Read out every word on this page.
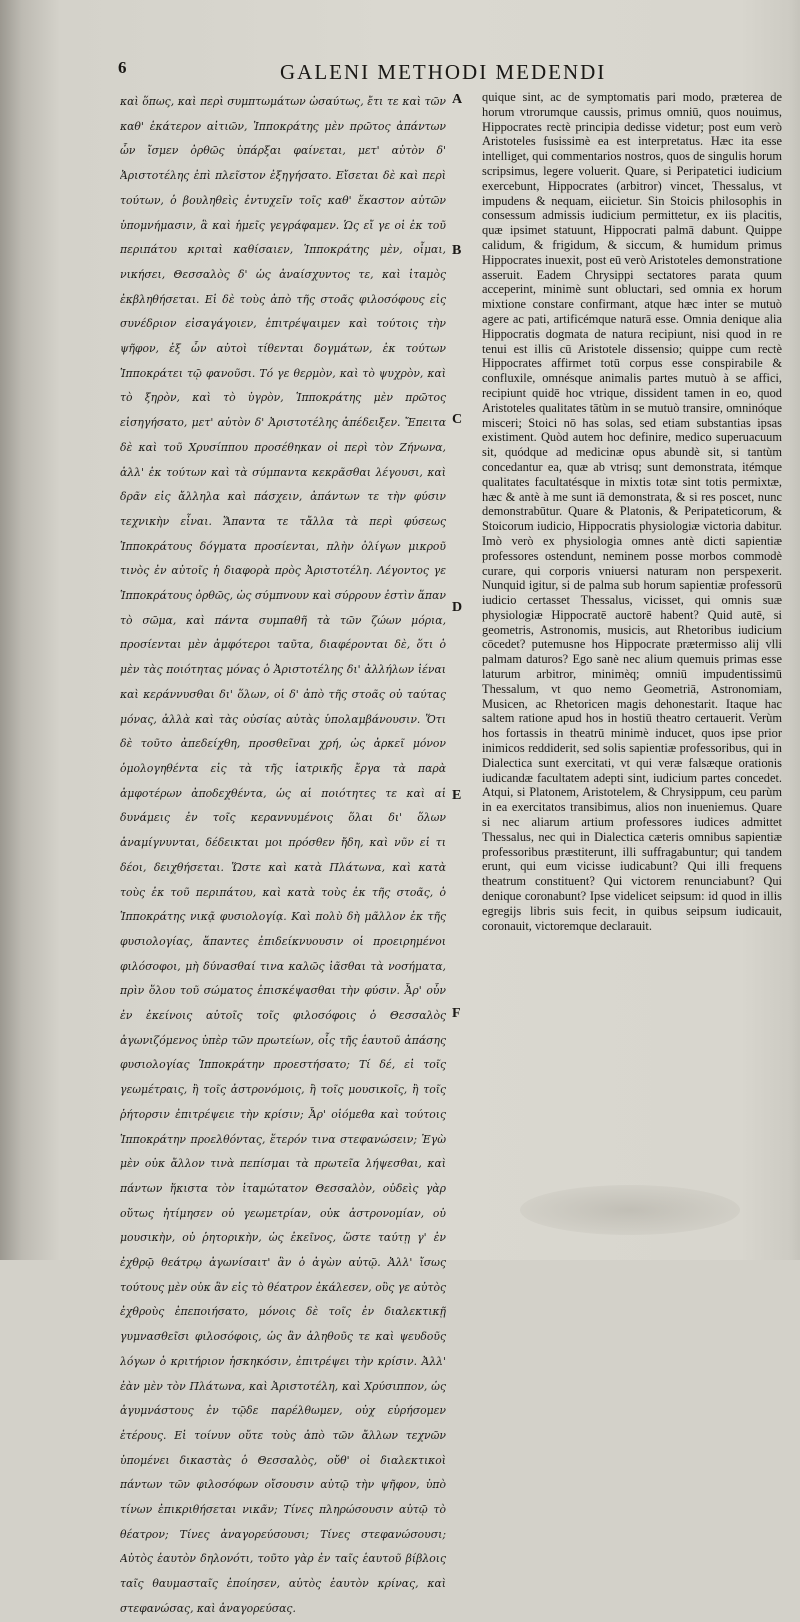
6	GALENI METHODI MEDENDI

καὶ ὅπως, καὶ περὶ συμπτωμάτων ὡσαύτως, ἔτι τε καὶ τῶν καθ' ἑκάτερον αἰτιῶν, Ἱπποκράτης μὲν πρῶτος ἁπάντων ὧν ἴσμεν ὀρθῶς ὑπάρξαι φαίνεται, μετ' αὐτὸν δ' Ἀριστοτέλης ἐπὶ πλεῖστον ἐξηγήσατο. Εἴσεται δὲ καὶ περὶ τούτων, ὁ βουληθεὶς ἐντυχεῖν τοῖς καθ' ἕκαστον αὐτῶν ὑπομνήμασιν, ἃ καὶ ἡμεῖς γεγράφαμεν. Ὡς εἴ γε οἱ ἐκ τοῦ περιπάτου κριταὶ καθίσαιεν, Ἱπποκράτης μὲν, οἶμαι, νικήσει, Θεσσαλὸς δ' ὡς ἀναίσχυντος τε, καὶ ἰταμὸς ἐκβληθήσεται. Εἰ δὲ τοὺς ἀπὸ τῆς στοᾶς φιλοσόφους εἰς συνέδριον εἰσαγάγοιεν, ἐπιτρέψαιμεν καὶ τούτοις τὴν ψῆφον, ἐξ ὧν αὐτοὶ τίθενται δογμάτων, ἐκ τούτων Ἱπποκράτει τῷ φανοῦσι. Τό γε θερμὸν, καὶ τὸ ψυχρὸν, καὶ τὸ ξηρὸν, καὶ τὸ ὑγρὸν, Ἱπποκράτης μὲν πρῶτος εἰσηγήσατο, μετ' αὐτὸν δ' Ἀριστοτέλης ἀπέδειξεν. Ἔπειτα δὲ καὶ τοῦ Χρυσίππου προσέθηκαν οἱ περὶ τὸν Ζήνωνα, ἀλλ' ἐκ τούτων καὶ τὰ σύμπαντα κεκρᾶσθαι λέγουσι, καὶ δρᾶν εἰς ἄλληλα καὶ πάσχειν, ἀπάντων τε τὴν φύσιν τεχνικὴν εἶναι. Ἅπαντα τε τἄλλα τὰ περὶ φύσεως Ἱπποκράτους δόγματα προσίενται, πλὴν ὀλίγων μικροῦ τινὸς ἐν αὐτοῖς ἡ διαφορὰ πρὸς Ἀριστοτέλη. Λέγοντος γε Ἱπποκράτους ὀρθῶς, ὡς σύμπνουν καὶ σύρρουν ἐστὶν ἅπαν τὸ σῶμα, καὶ πάντα συμπαθῆ τὰ τῶν ζώων μόρια, προσίενται μὲν ἀμφότεροι ταῦτα, διαφέρονται δὲ, ὅτι ὁ μὲν τὰς ποιότητας μόνας ὁ Ἀριστοτέλης δι' ἀλλήλων ἰέναι καὶ κεράννυσθαι δι' ὅλων, οἱ δ' ἀπὸ τῆς στοᾶς οὐ ταύτας μόνας, ἀλλὰ καὶ τὰς οὐσίας αὐτὰς ὑπολαμβάνουσιν. Ὅτι δὲ τοῦτο ἀπεδείχθη, προσθεῖναι χρή, ὡς ἀρκεῖ μόνον ὁμολογηθέντα εἰς τὰ τῆς ἰατρικῆς ἔργα τὰ παρὰ ἀμφοτέρων ἀποδεχθέντα, ὡς αἱ ποιότητες τε καὶ αἱ δυνάμεις ἐν τοῖς κεραννυμένοις ὅλαι δι' ὅλων ἀναμίγνυνται, δέδεικται μοι πρόσθεν ἤδη, καὶ νῦν εἰ τι δέοι, δειχθήσεται. Ὥστε καὶ κατὰ Πλάτωνα, καὶ κατὰ τοὺς ἐκ τοῦ περιπάτου, καὶ κατὰ τοὺς ἐκ τῆς στοᾶς, ὁ Ἱπποκράτης νικᾷ φυσιολογίᾳ. Καὶ πολὺ δὴ μᾶλλον ἐκ τῆς φυσιολογίας, ἅπαντες ἐπιδείκνυουσιν οἱ προειρημένοι φιλόσοφοι, μὴ δύνασθαί τινα καλῶς ἰᾶσθαι τὰ νοσήματα, πρὶν ὅλου τοῦ σώματος ἐπισκέψασθαι τὴν φύσιν. Ἆρ' οὖν ἐν ἐκείνοις αὐτοῖς τοῖς φιλοσόφοις ὁ Θεσσαλὸς ἀγωνιζόμενος ὑπὲρ τῶν πρωτείων, οἷς τῆς ἑαυτοῦ ἁπάσης φυσιολογίας Ἱπποκράτην προεστήσατο; Τί δέ, εἰ τοῖς γεωμέτραις, ἢ τοῖς ἀστρονόμοις, ἢ τοῖς μουσικοῖς, ἢ τοῖς ῥήτορσιν ἐπιτρέψειε τὴν κρίσιν; Ἆρ' οἰόμεθα καὶ τούτοις Ἱπποκράτην προελθόντας, ἕτερόν τινα στεφανώσειν; Ἐγὼ μὲν οὐκ ἄλλον τινὰ πεπίσμαι τὰ πρωτεῖα λήψεσθαι, καὶ πάντων ἥκιστα τὸν ἰταμώτατον Θεσσαλὸν, οὐδεὶς γὰρ οὕτως ἠτίμησεν οὐ γεωμετρίαν, οὐκ ἀστρονομίαν, οὐ μουσικὴν, οὐ ῥητορικὴν, ὡς ἐκεῖνος, ὥστε ταύτῃ γ' ἐν ἐχθρῷ θεάτρῳ ἀγωνίσαιτ' ἂν ὁ ἀγὼν αὐτῷ. Ἀλλ' ἴσως τούτους μὲν οὐκ ἂν εἰς τὸ θέατρον ἐκάλεσεν, οὓς γε αὐτὸς ἐχθροὺς ἐπεποιήσατο, μόνοις δὲ τοῖς ἐν διαλεκτικῇ γυμνασθεῖσι φιλοσόφοις, ὡς ἂν ἀληθοῦς τε καὶ ψευδοῦς λόγων ὁ κριτήριον ἠσκηκόσιν, ἐπιτρέψει τὴν κρίσιν. Ἀλλ' ἐὰν μὲν τὸν Πλάτωνα, καὶ Ἀριστοτέλη, καὶ Χρύσιππον, ὡς ἀγυμνάστους ἐν τῷδε παρέλθωμεν, οὐχ εὑρήσομεν ἑτέρους. Εἰ τοίνυν οὔτε τοὺς ἀπὸ τῶν ἄλλων τεχνῶν ὑπομένει δικαστὰς ὁ Θεσσαλὸς, οὔθ' οἱ διαλεκτικοὶ πάντων τῶν φιλοσόφων οἴσουσιν αὐτῷ τὴν ψῆφον, ὑπὸ τίνων ἐπικριθήσεται νικᾶν; Τίνες πληρώσουσιν αὐτῷ τὸ θέατρον; Τίνες ἀναγορεύσουσι; Τίνες στεφανώσουσι; Αὐτὸς ἑαυτὸν δηλονότι, τοῦτο γὰρ ἐν ταῖς ἑαυτοῦ βίβλοις ταῖς θαυμασταῖς ἐποίησεν, αὐτὸς ἑαυτὸν κρίνας, καὶ στεφανώσας, καὶ ἀναγορεύσας.

A
B
C
D
E
F

quique sint, ac de symptomatis pari modo, præterea de horum vtrorumque caussis, primus omniū, quos nouimus, Hippocrates rectè principia dedisse videtur; post eum verò Aristoteles fusissimè ea est interpretatus. Hæc ita esse intelliget, qui commentarios nostros, quos de singulis horum scripsimus, legere voluerit. Quare, si Peripatetici iudicium exercebunt, Hippocrates (arbitror) vincet, Thessalus, vt impudens & nequam, eiicietur. Sin Stoicis philosophis in consessum admissis iudicium permittetur, ex iis placitis, quæ ipsimet statuunt, Hippocrati palmā dabunt. Quippe calidum, & frigidum, & siccum, & humidum primus Hippocrates inuexit, post eū verò Aristoteles demonstratione asseruit. Eadem Chrysippi sectatores parata quum acceperint, minimè sunt obluctari, sed omnia ex horum mixtione constare confirmant, atque hæc inter se mutuò agere ac pati, artificémque naturā esse. Omnia denique alia Hippocratis dogmata de natura recipiunt, nisi quod in re tenui est illis cū Aristotele dissensio; quippe cum rectè Hippocrates affirmet totū corpus esse conspirabile & confluxile, omnésque animalis partes mutuò à se affici, recipiunt quidē hoc vtrique, dissident tamen in eo, quod Aristoteles qualitates tātùm in se mutuò transire, omninóque misceri; Stoici nō has solas, sed etiam substantias ipsas existiment. Quòd autem hoc definire, medico superuacuum sit, quódque ad medicinæ opus abundè sit, si tantùm concedantur ea, quæ ab vtrisq; sunt demonstrata, itémque qualitates facultatésque in mixtis totæ sint totis permixtæ, hæc & antè à me sunt iā demonstrata, & si res poscet, nunc demonstrabūtur. Quare & Platonis, & Peripateticorum, & Stoicorum iudicio, Hippocratis physiologiæ victoria dabitur. Imò verò ex physiologia omnes antè dicti sapientiæ professores ostendunt, neminem posse morbos commodè curare, qui corporis vniuersi naturam non perspexerit. Nunquid igitur, si de palma sub horum sapientiæ professorū iudicio certasset Thessalus, vicisset, qui omnis suæ physiologiæ Hippocratē auctorē habent? Quid autē, si geometris, Astronomis, musicis, aut Rhetoribus iudicium cōcedet? putemusne hos Hippocrate prætermisso alij vlli palmam daturos? Ego sanè nec alium quemuis primas esse laturum arbitror, minimèq; omniū impudentissimū Thessalum, vt quo nemo Geometriā, Astronomiam, Musicen, ac Rhetoricen magis dehonestarit. Itaque hac saltem ratione apud hos in hostiū theatro certauerit. Verùm hos fortassis in theatrū minimè inducet, quos ipse prior inimicos reddiderit, sed solis sapientiæ professoribus, qui in Dialectica sunt exercitati, vt qui veræ falsæque orationis iudicandæ facultatem adepti sint, iudicium partes concedet. Atqui, si Platonem, Aristotelem, & Chrysippum, ceu parùm in ea exercitatos transibimus, alios non inueniemus. Quare si nec aliarum artium professores iudices admittet Thessalus, nec qui in Dialectica cæteris omnibus sapientiæ professoribus præstiterunt, illi suffragabuntur; qui tandem erunt, qui eum vicisse iudicabunt? Qui illi frequens theatrum constituent? Qui victorem renunciabunt? Qui denique coronabunt? Ipse videlicet seipsum: id quod in illis egregijs libris suis fecit, in quibus seipsum iudicauit, coronauit, victoremque declarauit.
